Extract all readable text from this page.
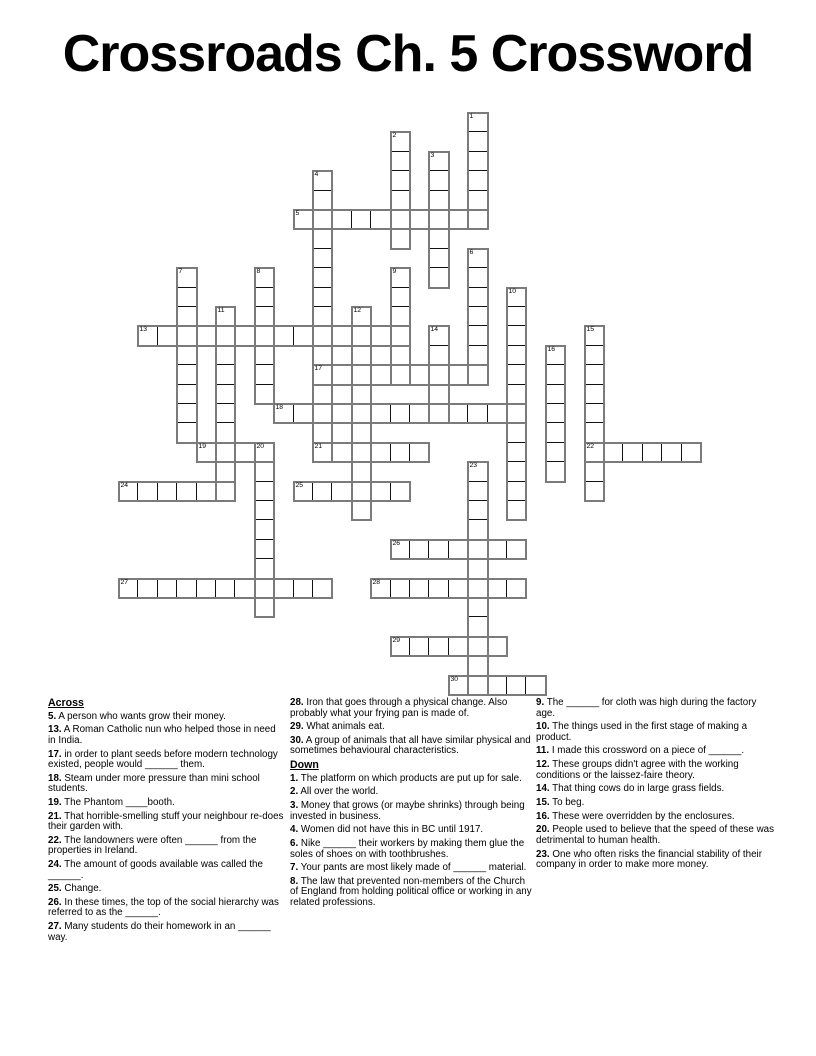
Crossroads Ch. 5 Crossword
5
13
17
18
19	21	22
24	25
26
27	28
29
30
1
2
3
4
6
7	8	9
10
11	12
14	15
16
20
23
Across
5. A person who wants grow their money.
13. A Roman Catholic nun who helped those in need in India.
17. in order to plant seeds before modern technology existed, people would ______ them.
18. Steam under more pressure than mini school students.
19. The Phantom ____booth.
21. That horrible-smelling stuff your neighbour re-does their garden with.
22. The landowners were often ______ from the properties in Ireland.
24. The amount of goods available was called the ______.
25. Change.
26. In these times, the top of the social hierarchy was referred to as the ______.
27. Many students do their homework in an ______ way.
28. Iron that goes through a physical change. Also probably what your frying pan is made of.
29. What animals eat.
30. A group of animals that all have similar physical and sometimes behavioural characteristics.
Down
1. The platform on which products are put up for sale.
2. All over the world.
3. Money that grows (or maybe shrinks) through being invested in business.
4. Women did not have this in BC until 1917.
6. Nike ______ their workers by making them glue the soles of shoes on with toothbrushes.
7. Your pants are most likely made of ______ material.
8. The law that prevented non-members of the Church of England from holding political office or working in any related professions.
9. The ______ for cloth was high during the factory age.
10. The things used in the first stage of making a product.
11. I made this crossword on a piece of ______.
12. These groups didn't agree with the working conditions or the laissez-faire theory.
14. That thing cows do in large grass fields.
15. To beg.
16. These were overridden by the enclosures.
20. People used to believe that the speed of these was detrimental to human health.
23. One who often risks the financial stability of their company in order to make more money.
